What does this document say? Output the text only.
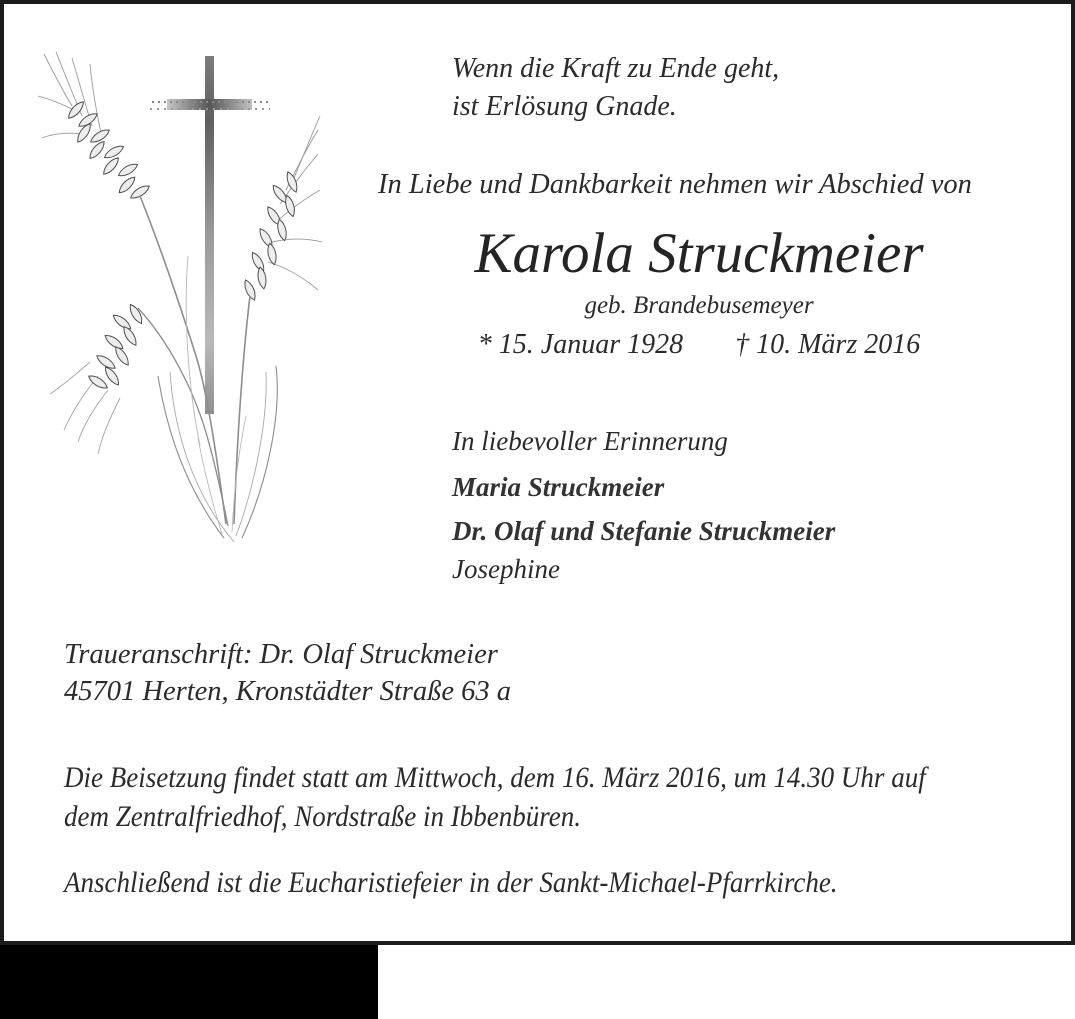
Wenn die Kraft zu Ende geht,
ist Erlösung Gnade.
In Liebe und Dankbarkeit nehmen wir Abschied von
Karola Struckmeier
geb. Brandebusemeyer
* 15. Januar 1928 † 10. März 2016
In liebevoller Erinnerung
Maria Struckmeier
Dr. Olaf und Stefanie Struckmeier
Josephine
Traueranschrift: Dr. Olaf Struckmeier
45701 Herten, Kronstädter Straße 63 a
Die Beisetzung findet statt am Mittwoch, dem 16. März 2016, um 14.30 Uhr auf
dem Zentralfriedhof, Nordstraße in Ibbenbüren.
Anschließend ist die Eucharistiefeier in der Sankt-Michael-Pfarrkirche.
